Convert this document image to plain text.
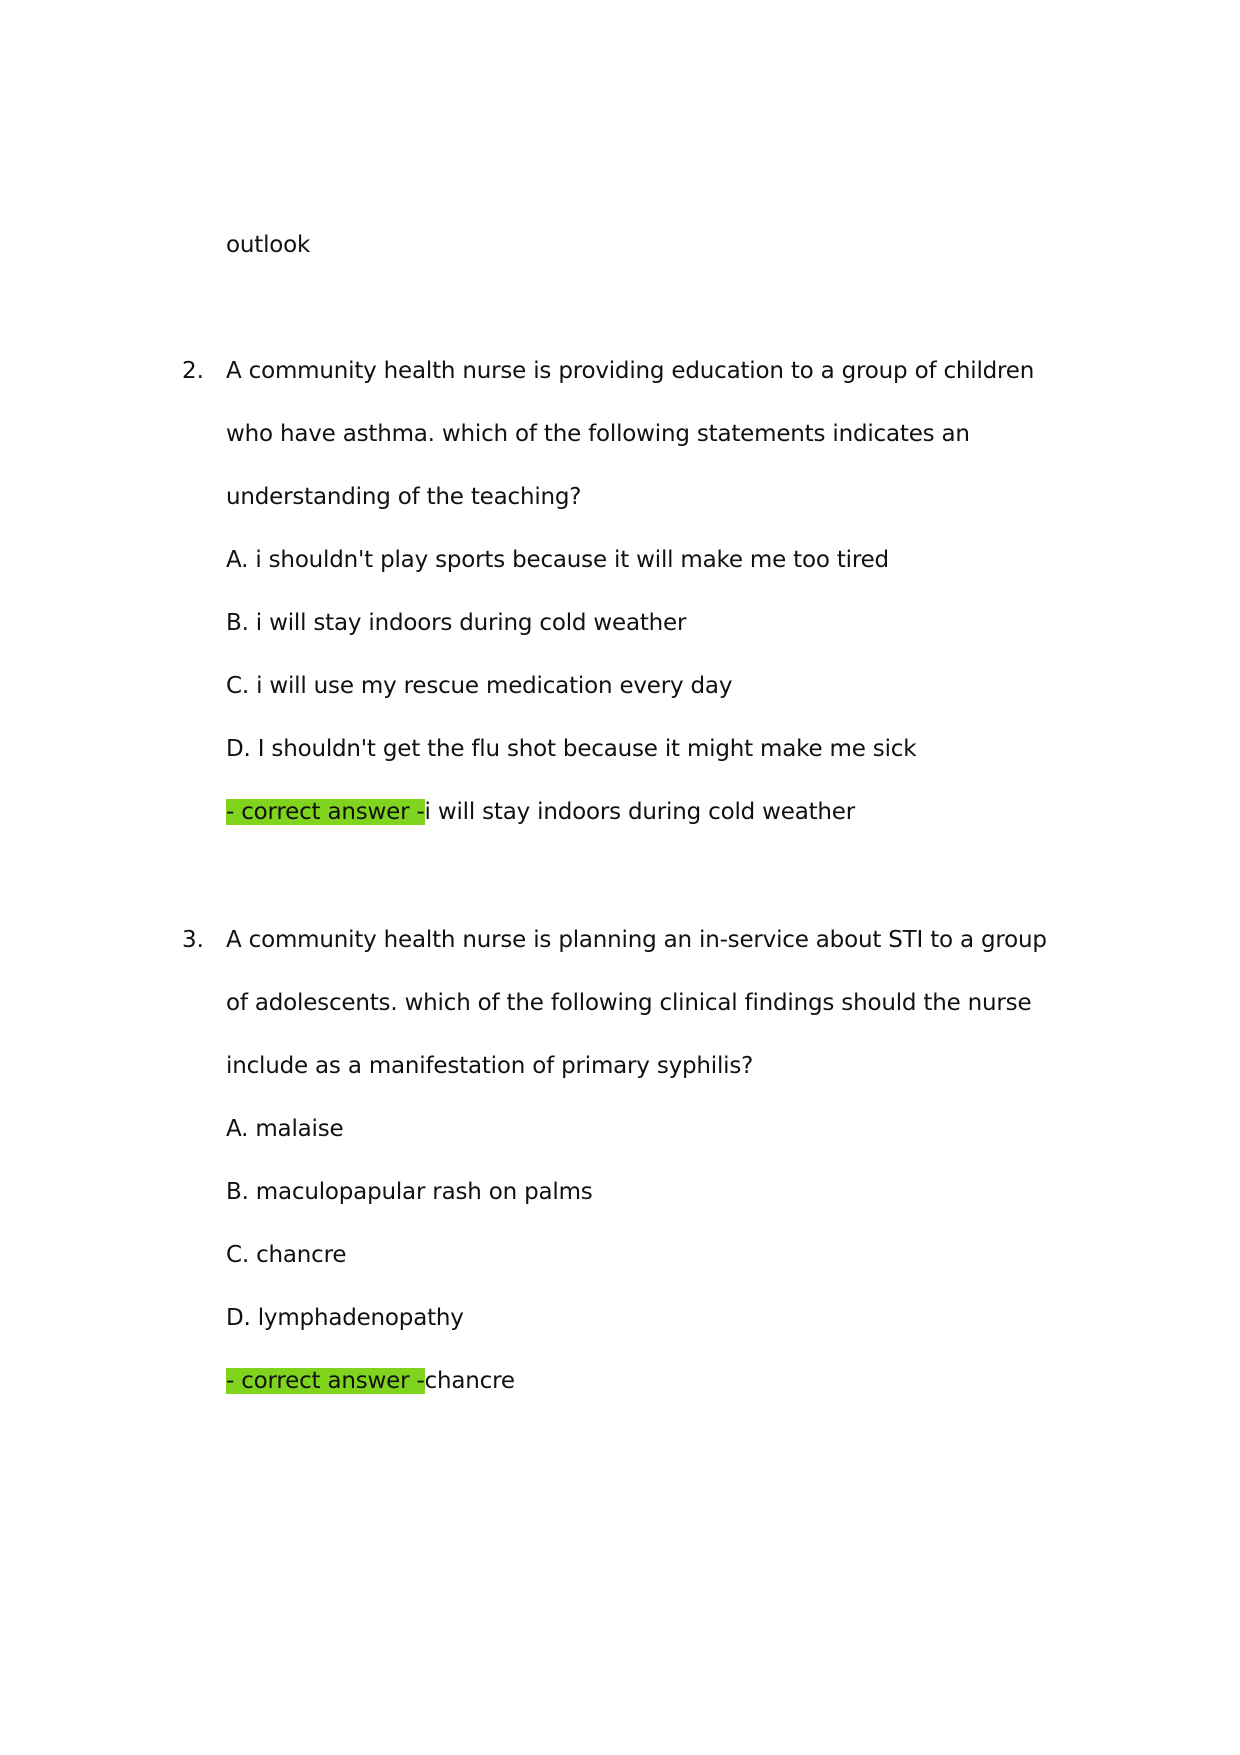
outlook
2. A community health nurse is providing education to a group of children
who have asthma. which of the following statements indicates an
understanding of the teaching?
A. i shouldn't play sports because it will make me too tired
B. i will stay indoors during cold weather
C. i will use my rescue medication every day
D. I shouldn't get the flu shot because it might make me sick
- correct answer -i will stay indoors during cold weather
3. A community health nurse is planning an in-service about STI to a group
of adolescents. which of the following clinical findings should the nurse
include as a manifestation of primary syphilis?
A. malaise
B. maculopapular rash on palms
C. chancre
D. lymphadenopathy
- correct answer -chancre
